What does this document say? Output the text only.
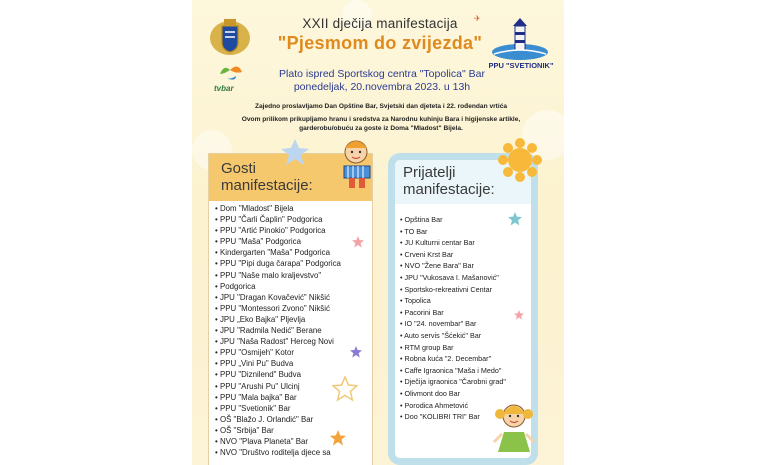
tvbar
✈
PPU "SVETIONIK"
XXII dječija manifestacija
"Pjesmom do zvijezda"
Plato ispred Sportskog centra "Topolica" Bar
ponedeljak, 20.novembra 2023. u 13h
Zajedno proslavljamo Dan Opštine Bar, Svjetski dan djeteta i 22. rođendan vrtića
Ovom prilikom prikupljamo hranu i sredstva za Narodnu kuhinju Bara i higijenske artikle,
garderobu/obuću za goste iz Doma "Mladost" Bijela.
Gosti
manifestacije:
• Dom "Mladost" Bijela
• PPU "Čarli Čaplin" Podgorica
• PPU "Artić Pinokio" Podgorica
• PPU "Maša" Podgorica
• Kindergarten "Maša" Podgorica
• PPU "Pipi duga čarapa" Podgorica
• PPU "Naše malo kraljevstvo"
• Podgorica
• JPU "Dragan Kovačević" Nikšić
• PPU "Montessori Zvono" Nikšić
• JPU „Eko Bajka" Pljevlja
• JPU "Radmila Nedić" Berane
• JPU "Naša Radost" Herceg Novi
• PPU "Osmijeh" Kotor
• PPU „Vini Pu" Budva
• PPU "Diznilend" Budva
• PPU "Arushi Pu" Ulcinj
• PPU "Mala bajka" Bar
• PPU "Svetionik" Bar
• OŠ "Blažo J. Orlandić" Bar
• OŠ "Srbija" Bar
• NVO "Plava Planeta" Bar
• NVO "Društvo roditelja djece sa
Prijatelji
manifestacije:
• Opština Bar
• TO Bar
• JU Kulturni centar Bar
• Crveni Krst Bar
• NVO "Žene Bara" Bar
• JPU "Vukosava I. Mašanović"
• Sportsko-rekreativni Centar
• Topolica
• Pacorini Bar
• IO "24. novembar" Bar
• Auto servis "Šćekić" Bar
• RTM group Bar
• Robna kuća "2. Decembar"
• Caffe Igraonica "Maša i Medo"
• Dječija igraonica "Čarobni grad"
• Olivmont doo Bar
• Porodica Ahmetović
• Doo "KOLIBRI TRI" Bar
